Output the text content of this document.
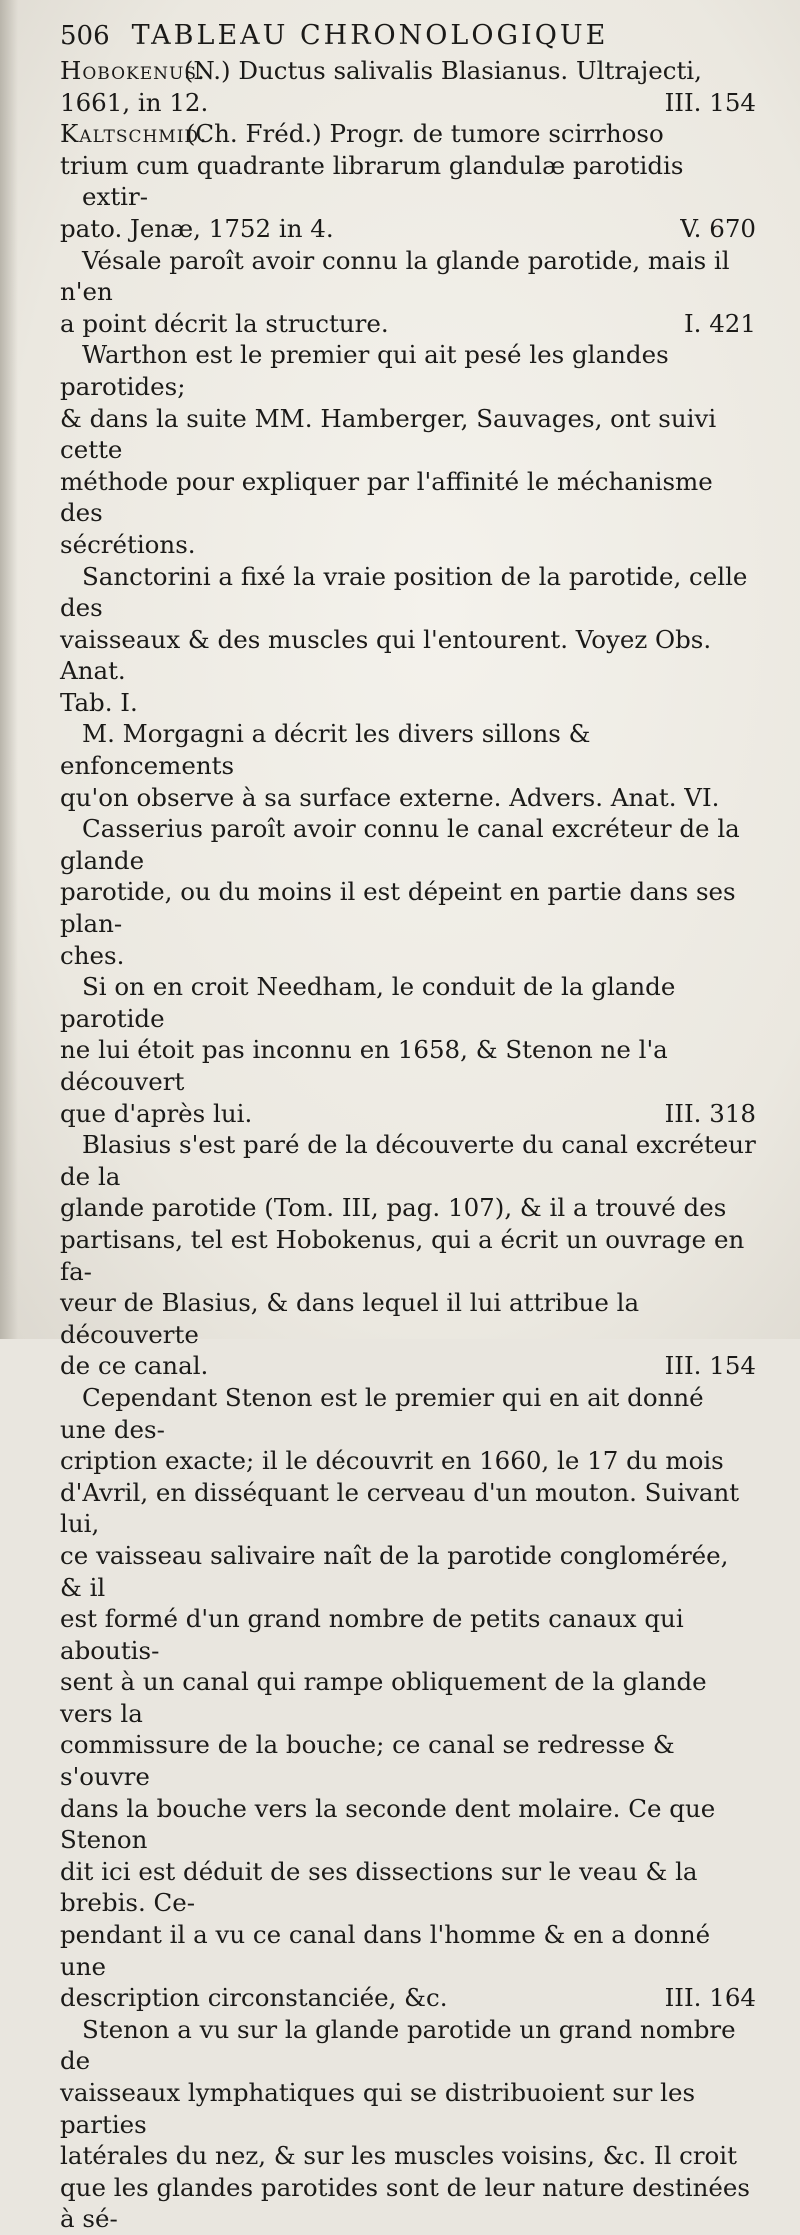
506 TABLEAU CHRONOLOGIQUE
Hobokenus.

(N.) Ductus salivalis Blasianus. Ultrajecti,
1661, in 12.	III. 154
Kaltschmid.

(Ch. Fréd.) Progr. de tumore scirrhoso
trium cum quadrante librarum glandulæ parotidis extir-
pato. Jenæ, 1752 in 4.	V. 670
Vésale paroît avoir connu la glande parotide, mais il n'en
a point décrit la structure.	I. 421
Warthon est le premier qui ait pesé les glandes parotides;
& dans la suite MM. Hamberger, Sauvages, ont suivi cette
méthode pour expliquer par l'affinité le méchanisme des
sécrétions.
Sanctorini a fixé la vraie position de la parotide, celle des
vaisseaux & des muscles qui l'entourent. Voyez Obs. Anat.
Tab. I.
M. Morgagni a décrit les divers sillons & enfoncements
qu'on observe à sa surface externe. Advers. Anat. VI.
Casserius paroît avoir connu le canal excréteur de la glande
parotide, ou du moins il est dépeint en partie dans ses plan-
ches.
Si on en croit Needham, le conduit de la glande parotide
ne lui étoit pas inconnu en 1658, & Stenon ne l'a découvert
que d'après lui.	III. 318
Blasius s'est paré de la découverte du canal excréteur de la
glande parotide (Tom. III, pag. 107), & il a trouvé des
partisans, tel est Hobokenus, qui a écrit un ouvrage en fa-
veur de Blasius, & dans lequel il lui attribue la découverte
de ce canal.	III. 154
Cependant Stenon est le premier qui en ait donné une des-
cription exacte; il le découvrit en 1660, le 17 du mois
d'Avril, en disséquant le cerveau d'un mouton. Suivant lui,
ce vaisseau salivaire naît de la parotide conglomérée, & il
est formé d'un grand nombre de petits canaux qui aboutis-
sent à un canal qui rampe obliquement de la glande vers la
commissure de la bouche; ce canal se redresse & s'ouvre
dans la bouche vers la seconde dent molaire. Ce que Stenon
dit ici est déduit de ses dissections sur le veau & la brebis. Ce-
pendant il a vu ce canal dans l'homme & en a donné une
description circonstanciée, &c.	III. 164
Stenon a vu sur la glande parotide un grand nombre de
vaisseaux lymphatiques qui se distribuoient sur les parties
latérales du nez, & sur les muscles voisins, &c. Il croit
que les glandes parotides sont de leur nature destinées à sé-
